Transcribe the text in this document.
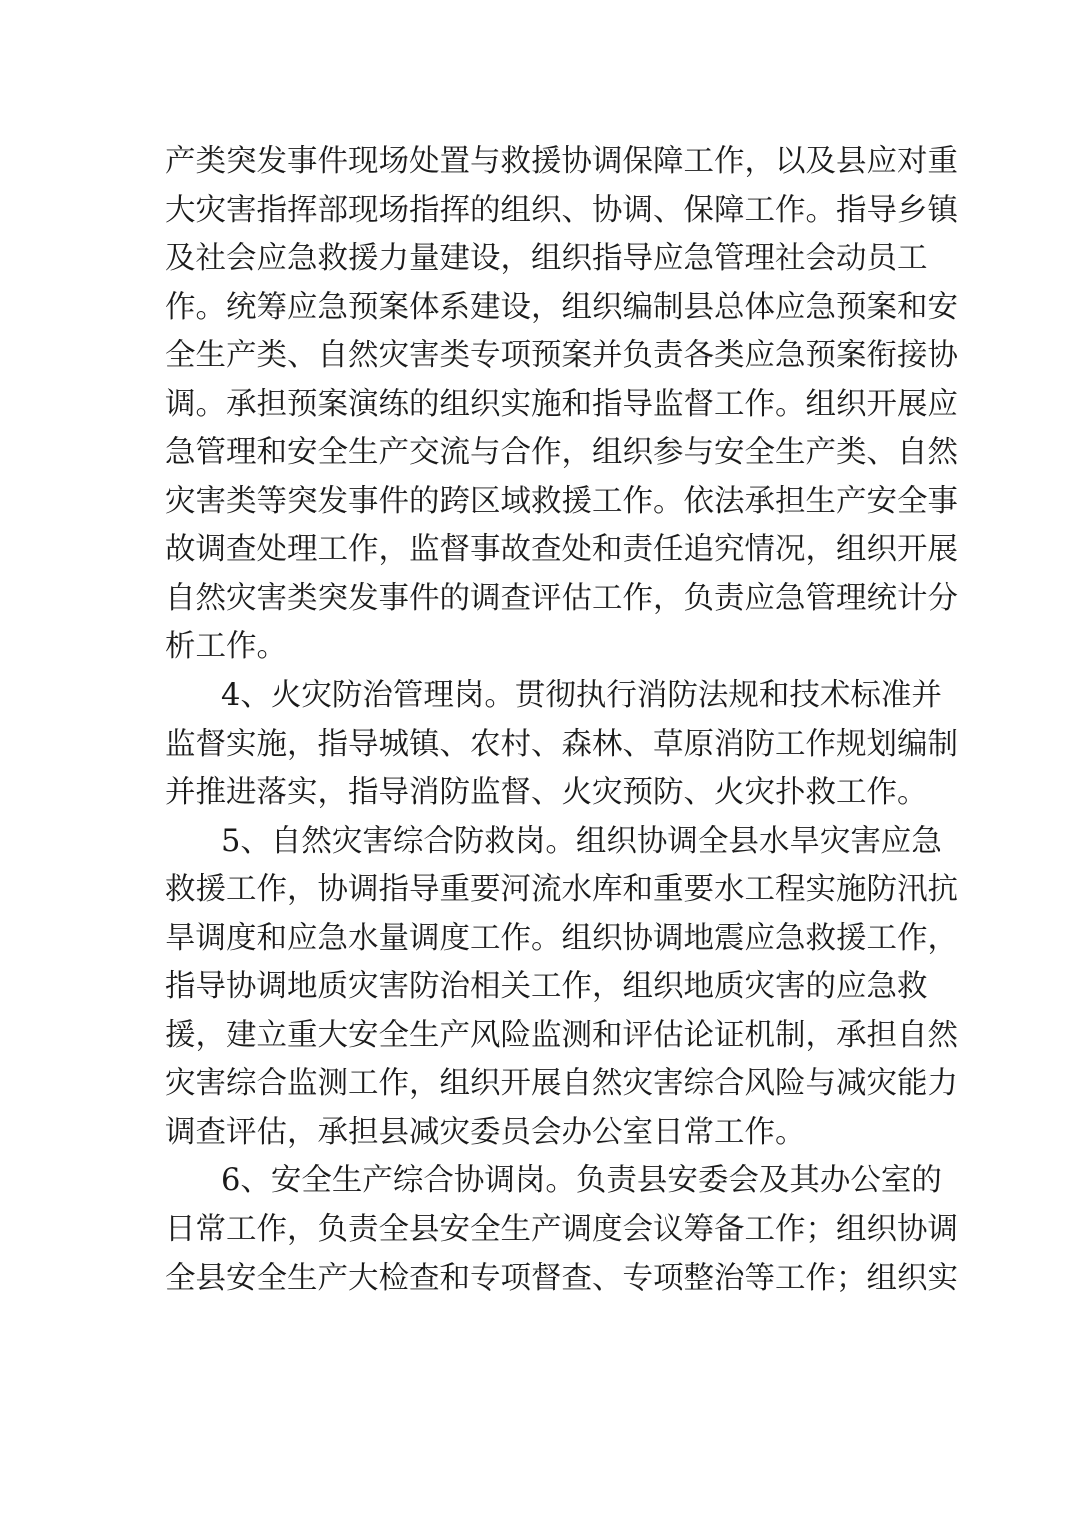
产类突发事件现场处置与救援协调保障工作，以及县应对重
大灾害指挥部现场指挥的组织、协调、保障工作。指导乡镇
及社会应急救援力量建设，组织指导应急管理社会动员工
作。统筹应急预案体系建设，组织编制县总体应急预案和安
全生产类、自然灾害类专项预案并负责各类应急预案衔接协
调。承担预案演练的组织实施和指导监督工作。组织开展应
急管理和安全生产交流与合作，组织参与安全生产类、自然
灾害类等突发事件的跨区域救援工作。依法承担生产安全事
故调查处理工作，监督事故查处和责任追究情况，组织开展
自然灾害类突发事件的调查评估工作，负责应急管理统计分
析工作。
4、火灾防治管理岗。贯彻执行消防法规和技术标准并
监督实施，指导城镇、农村、森林、草原消防工作规划编制
并推进落实，指导消防监督、火灾预防、火灾扑救工作。
5、自然灾害综合防救岗。组织协调全县水旱灾害应急
救援工作，协调指导重要河流水库和重要水工程实施防汛抗
旱调度和应急水量调度工作。组织协调地震应急救援工作，
指导协调地质灾害防治相关工作，组织地质灾害的应急救
援，建立重大安全生产风险监测和评估论证机制，承担自然
灾害综合监测工作，组织开展自然灾害综合风险与减灾能力
调查评估，承担县减灾委员会办公室日常工作。
6、安全生产综合协调岗。负责县安委会及其办公室的
日常工作，负责全县安全生产调度会议筹备工作；组织协调
全县安全生产大检查和专项督查、专项整治等工作；组织实
